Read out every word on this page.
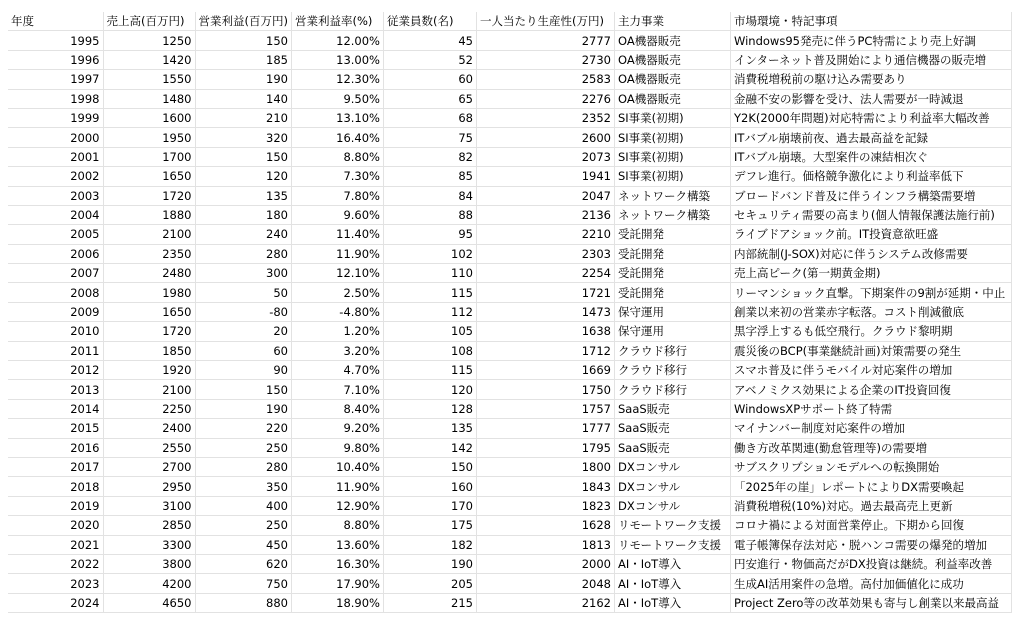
年度	売上高(百万円)	営業利益(百万円)	営業利益率(%)	従業員数(名)	一人当たり生産性(万円)	主力事業	市場環境・特記事項
1995	1250	150	12.00%	45	2777	OA機器販売	Windows95発売に伴うPC特需により売上好調
1996	1420	185	13.00%	52	2730	OA機器販売	インターネット普及開始により通信機器の販売増
1997	1550	190	12.30%	60	2583	OA機器販売	消費税増税前の駆け込み需要あり
1998	1480	140	9.50%	65	2276	OA機器販売	金融不安の影響を受け、法人需要が一時減退
1999	1600	210	13.10%	68	2352	SI事業(初期)	Y2K(2000年問題)対応特需により利益率大幅改善
2000	1950	320	16.40%	75	2600	SI事業(初期)	ITバブル崩壊前夜、過去最高益を記録
2001	1700	150	8.80%	82	2073	SI事業(初期)	ITバブル崩壊。大型案件の凍結相次ぐ
2002	1650	120	7.30%	85	1941	SI事業(初期)	デフレ進行。価格競争激化により利益率低下
2003	1720	135	7.80%	84	2047	ネットワーク構築	ブロードバンド普及に伴うインフラ構築需要増
2004	1880	180	9.60%	88	2136	ネットワーク構築	セキュリティ需要の高まり(個人情報保護法施行前)
2005	2100	240	11.40%	95	2210	受託開発	ライブドアショック前。IT投資意欲旺盛
2006	2350	280	11.90%	102	2303	受託開発	内部統制(J-SOX)対応に伴うシステム改修需要
2007	2480	300	12.10%	110	2254	受託開発	売上高ピーク(第一期黄金期)
2008	1980	50	2.50%	115	1721	受託開発	リーマンショック直撃。下期案件の9割が延期・中止
2009	1650	-80	-4.80%	112	1473	保守運用	創業以来初の営業赤字転落。コスト削減徹底
2010	1720	20	1.20%	105	1638	保守運用	黒字浮上するも低空飛行。クラウド黎明期
2011	1850	60	3.20%	108	1712	クラウド移行	震災後のBCP(事業継続計画)対策需要の発生
2012	1920	90	4.70%	115	1669	クラウド移行	スマホ普及に伴うモバイル対応案件の増加
2013	2100	150	7.10%	120	1750	クラウド移行	アベノミクス効果による企業のIT投資回復
2014	2250	190	8.40%	128	1757	SaaS販売	WindowsXPサポート終了特需
2015	2400	220	9.20%	135	1777	SaaS販売	マイナンバー制度対応案件の増加
2016	2550	250	9.80%	142	1795	SaaS販売	働き方改革関連(勤怠管理等)の需要増
2017	2700	280	10.40%	150	1800	DXコンサル	サブスクリプションモデルへの転換開始
2018	2950	350	11.90%	160	1843	DXコンサル	「2025年の崖」レポートによりDX需要喚起
2019	3100	400	12.90%	170	1823	DXコンサル	消費税増税(10%)対応。過去最高売上更新
2020	2850	250	8.80%	175	1628	リモートワーク支援	コロナ禍による対面営業停止。下期から回復
2021	3300	450	13.60%	182	1813	リモートワーク支援	電子帳簿保存法対応・脱ハンコ需要の爆発的増加
2022	3800	620	16.30%	190	2000	AI・IoT導入	円安進行・物価高だがDX投資は継続。利益率改善
2023	4200	750	17.90%	205	2048	AI・IoT導入	生成AI活用案件の急増。高付加価値化に成功
2024	4650	880	18.90%	215	2162	AI・IoT導入	Project Zero等の改革効果も寄与し創業以来最高益
